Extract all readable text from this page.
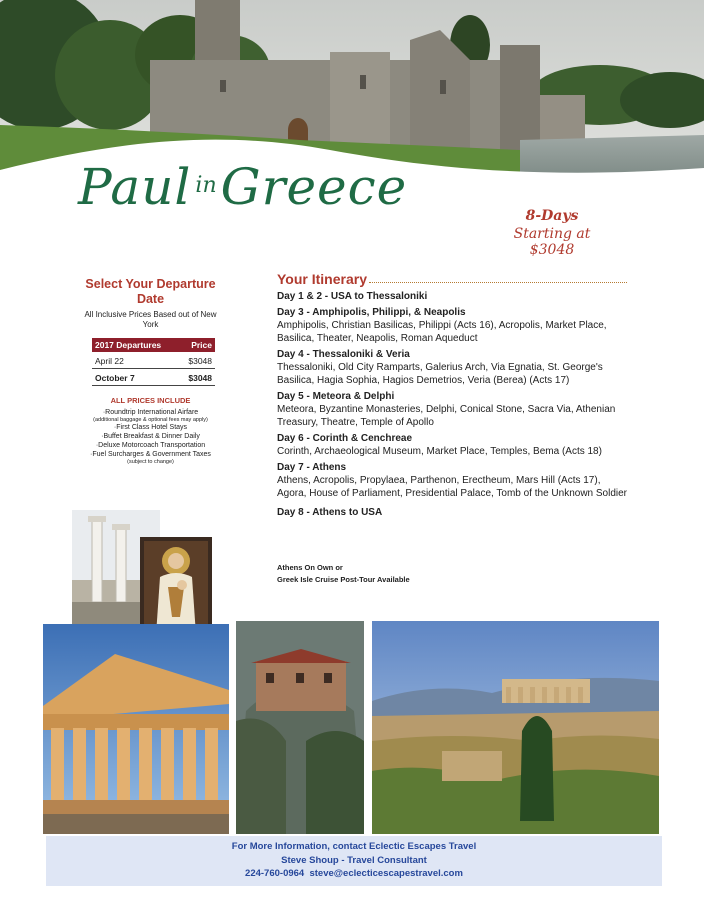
Paul inGreece	8-Days
Starting at $3048
Select Your Departure Date
All Inclusive Prices Based out of New York
2017 Departures	Price
April 22	$3048
October 7	$3048
ALL PRICES INCLUDE
· Roundtrip International Airfare
(additional baggage & optional fees may apply)
· First Class Hotel Stays
· Buffet Breakfast & Dinner Daily
· Deluxe Motorcoach Transportation
· Fuel Surcharges & Government Taxes
(subject to change)
Your Itinerary
Day 1 & 2 - USA to Thessaloniki
Day 3 - Amphipolis, Philippi, & Neapolis
Amphipolis, Christian Basilicas, Philippi (Acts 16), Acropolis, Market Place, Basilica, Theater, Neapolis, Roman Aqueduct
Day 4 - Thessaloniki & Veria
Thessaloniki, Old City Ramparts, Galerius Arch, Via Egnatia, St. George's Basilica, Hagia Sophia, Hagios Demetrios, Veria (Berea) (Acts 17)
Day 5 - Meteora & Delphi
Meteora, Byzantine Monasteries, Delphi, Conical Stone, Sacra Via, Athenian Treasury, Theatre, Temple of Apollo
Day 6 - Corinth & Cenchreae
Corinth, Archaeological Museum, Market Place, Temples, Bema (Acts 18)
Day 7 - Athens
Athens, Acropolis, Propylaea, Parthenon, Erectheum, Mars Hill (Acts 17), Agora, House of Parliament, Presidential Palace, Tomb of the Unknown Soldier
Day 8 - Athens to USA
Athens On Own or
Greek Isle Cruise Post-Tour Available
For More Information, contact Eclectic Escapes Travel
Steve Shoup - Travel Consultant
224-760-0964  steve@eclecticescapestravel.com
